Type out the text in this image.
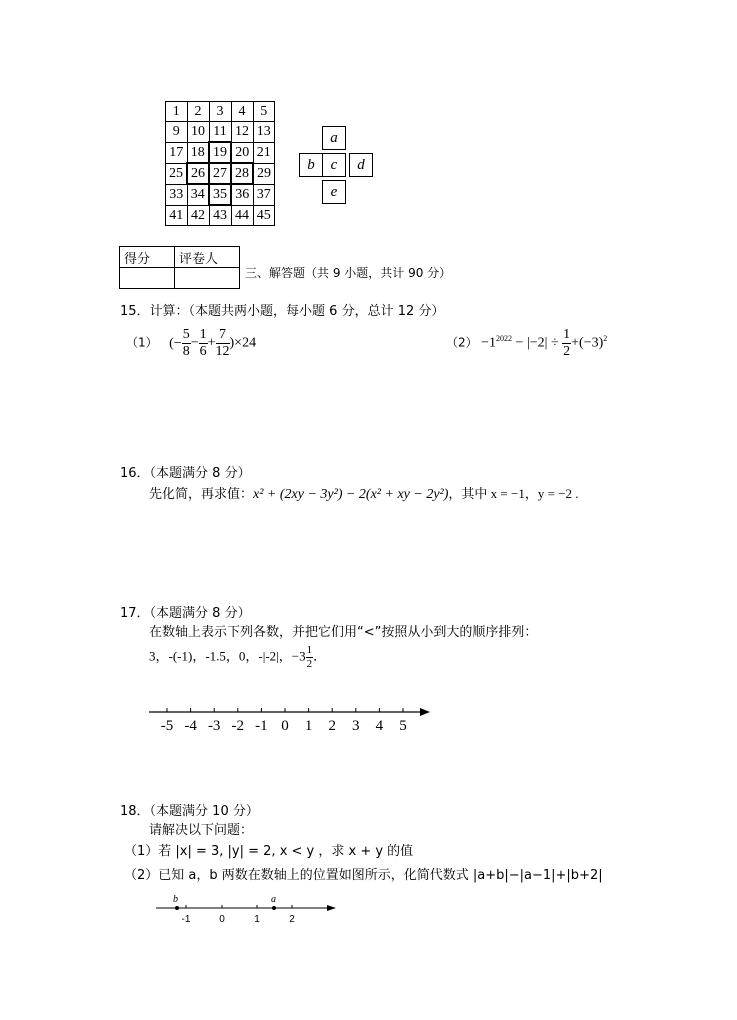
1	2	3	4	5
9	10	11	12	13
17	18	19	20	21
25	26	27	28	29
33	34	35	36	37
41	42	43	44	45
a
b	c	d
e
得分	评卷人

三、解答题（共 9 小题，共计 90 分）
15．计算：（本题共两小题，每小题 6 分，总计 12 分）
（1） (− $\frac{5}{8} - \frac{1}{6} + \frac{7}{12} )\times 24$	$(2) -1^{2022} - |-2| \div \frac{1}{2} +(-3)^2$
16．（本题满分 8 分）
先化简，再求值：x² + (2xy − 3y²) − 2(x² + xy − 2y²)，其中 x = −1，y = −2 .
17．（本题满分 8 分）
在数轴上表示下列各数，并把它们用“<”按照从小到大的顺序排列：
3，-(-1)，-1.5，0，-|-2|，$-3 \frac{1}{2}$ ．
-5 -4 -3 -2 -1 0 1 2 3 4 5
18．（本题满分 10 分）
请解决以下问题：
（1）若 |x| = 3, |y| = 2, x < y ，求 x + y 的值
（2）已知 a，b 两数在数轴上的位置如图所示，化简代数式 |a+b|−|a−1|+|b+2|
-1	0	1	2
b	a
